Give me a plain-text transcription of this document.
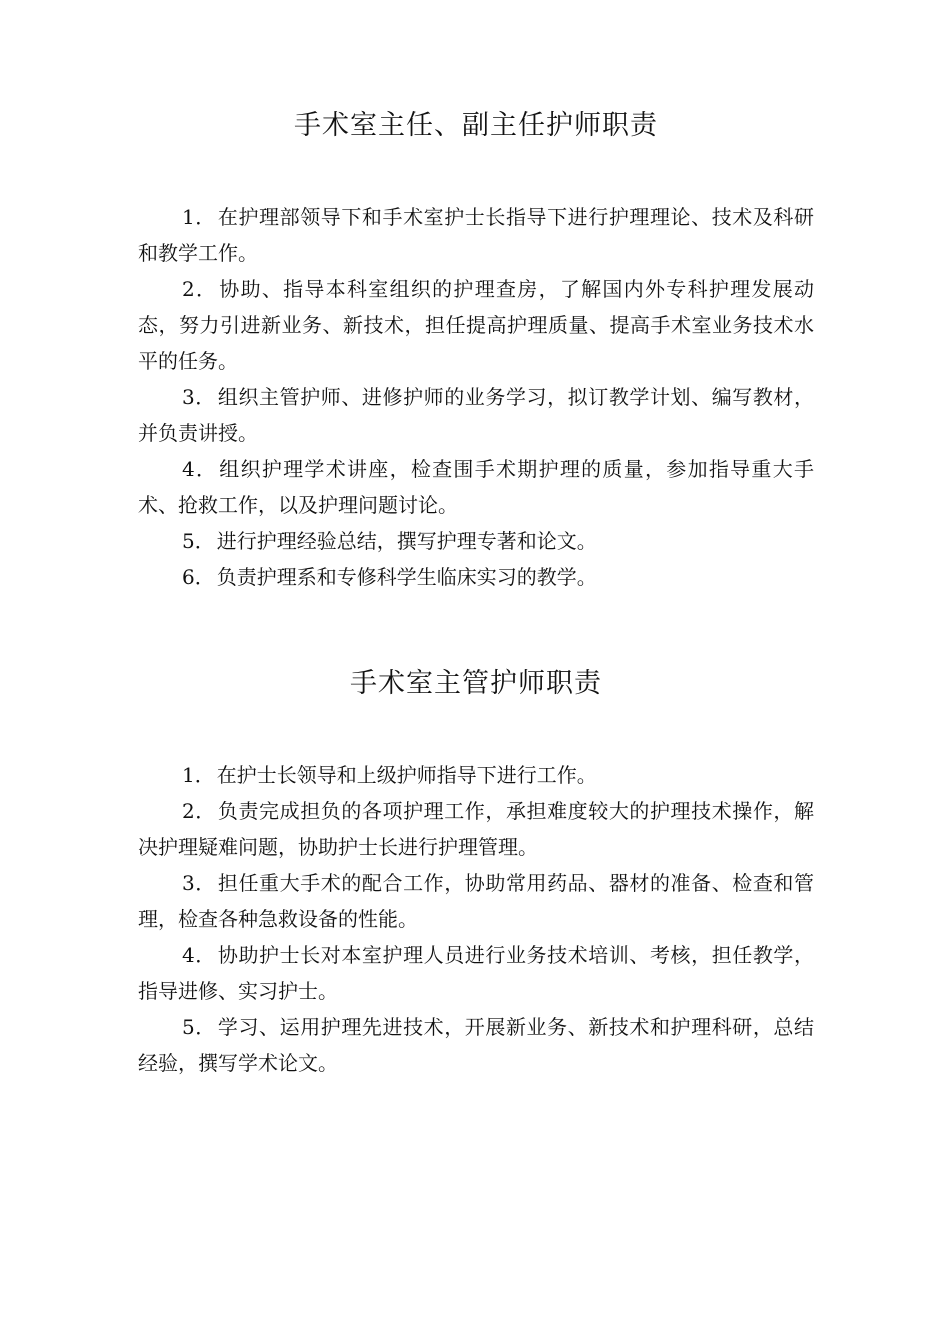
手术室主任、副主任护师职责
1． 在护理部领导下和手术室护士长指导下进行护理理论、技术及科研和教学工作。
2． 协助、指导本科室组织的护理查房，了解国内外专科护理发展动态，努力引进新业务、新技术，担任提高护理质量、提高手术室业务技术水平的任务。
3． 组织主管护师、进修护师的业务学习，拟订教学计划、编写教材，并负责讲授。
4． 组织护理学术讲座，检查围手术期护理的质量，参加指导重大手术、抢救工作，以及护理问题讨论。
5． 进行护理经验总结，撰写护理专著和论文。
6． 负责护理系和专修科学生临床实习的教学。
手术室主管护师职责
1． 在护士长领导和上级护师指导下进行工作。
2． 负责完成担负的各项护理工作，承担难度较大的护理技术操作，解决护理疑难问题，协助护士长进行护理管理。
3． 担任重大手术的配合工作，协助常用药品、器材的准备、检查和管理，检查各种急救设备的性能。
4． 协助护士长对本室护理人员进行业务技术培训、考核，担任教学，指导进修、实习护士。
5． 学习、运用护理先进技术，开展新业务、新技术和护理科研，总结经验，撰写学术论文。
